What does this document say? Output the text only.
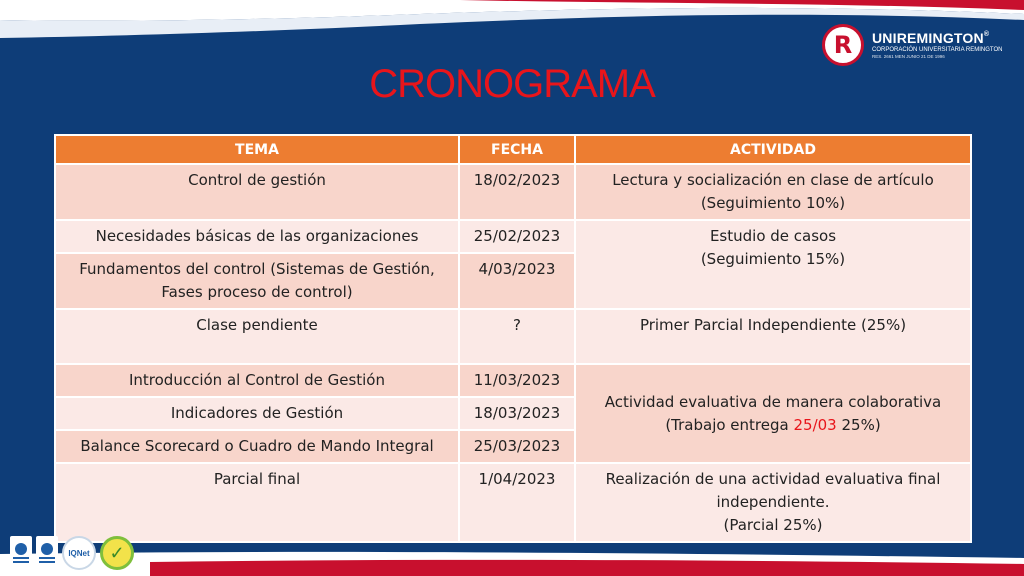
R UNIREMINGTON®
CORPORACIÓN UNIVERSITARIA REMINGTON
RES. 2661 MEN JUNIO 21 DE 1996
CRONOGRAMA
TEMA	FECHA	ACTIVIDAD
Control de gestión	18/02/2023	Lectura y socialización en clase de artículo
(Seguimiento 10%)

Necesidades básicas de las organizaciones	25/02/2023	Estudio de casos
(Seguimiento 15%)

Fundamentos del control (Sistemas de Gestión, Fases proceso de control)	4/03/2023	
Clase pendiente	?	Primer Parcial Independiente (25%)
Introducción al Control de Gestión	11/03/2023	Actividad evaluativa de manera colaborativa
(Trabajo entrega 25/03 25%)

Indicadores de Gestión	18/03/2023	
Balance Scorecard o Cuadro de Mando Integral	25/03/2023	
Parcial final	1/04/2023	Realización de una actividad evaluativa final
independiente.
(Parcial 25%)
IQNet	✓
